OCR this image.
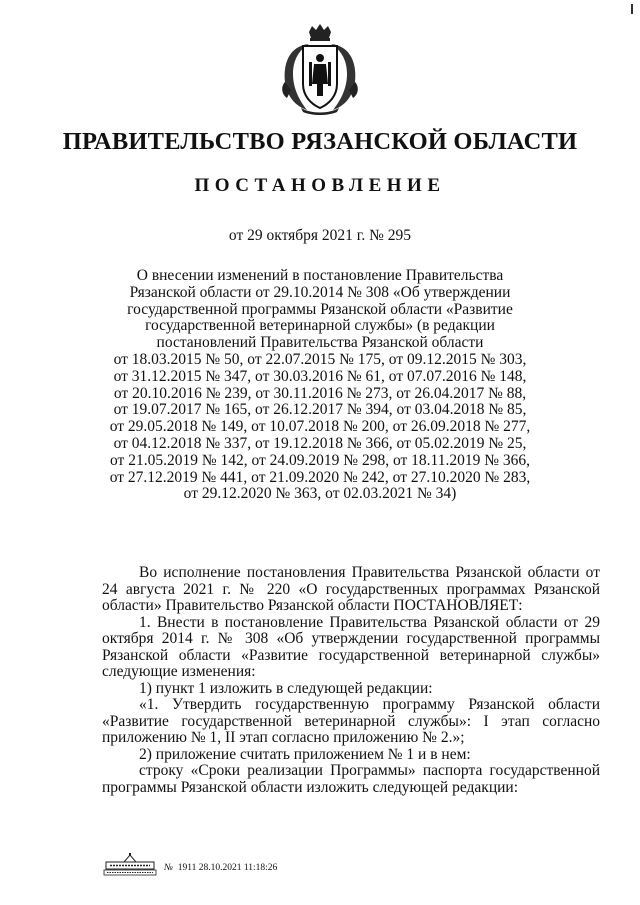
ПРАВИТЕЛЬСТВО РЯЗАНСКОЙ ОБЛАСТИ
ПОСТАНОВЛЕНИЕ
от 29 октября 2021 г. № 295
О внесении изменений в постановление Правительства
Рязанской области от 29.10.2014 № 308 «Об утверждении
государственной программы Рязанской области «Развитие
государственной ветеринарной службы» (в редакции
постановлений Правительства Рязанской области
от 18.03.2015 № 50, от 22.07.2015 № 175, от 09.12.2015 № 303,
от 31.12.2015 № 347, от 30.03.2016 № 61, от 07.07.2016 № 148,
от 20.10.2016 № 239, от 30.11.2016 № 273, от 26.04.2017 № 88,
от 19.07.2017 № 165, от 26.12.2017 № 394, от 03.04.2018 № 85,
от 29.05.2018 № 149, от 10.07.2018 № 200, от 26.09.2018 № 277,
от 04.12.2018 № 337, от 19.12.2018 № 366, от 05.02.2019 № 25,
от 21.05.2019 № 142, от 24.09.2019 № 298, от 18.11.2019 № 366,
от 27.12.2019 № 441, от 21.09.2020 № 242, от 27.10.2020 № 283,
от 29.12.2020 № 363, от 02.03.2021 № 34)
Во исполнение постановления Правительства Рязанской области от 24 августа 2021 г. № 220 «О государственных программах Рязанской области» Правительство Рязанской области ПОСТАНОВЛЯЕТ:
1. Внести в постановление Правительства Рязанской области от 29 октября 2014 г. № 308 «Об утверждении государственной программы Рязанской области «Развитие государственной ветеринарной службы» следующие изменения:
1) пункт 1 изложить в следующей редакции:
«1. Утвердить государственную программу Рязанской области «Развитие государственной ветеринарной службы»: I этап согласно приложению № 1, II этап согласно приложению № 2.»;
2) приложение считать приложением № 1 и в нем:
строку «Сроки реализации Программы» паспорта государственной программы Рязанской области изложить следующей редакции:
№ 1911 28.10.2021 11:18:26
